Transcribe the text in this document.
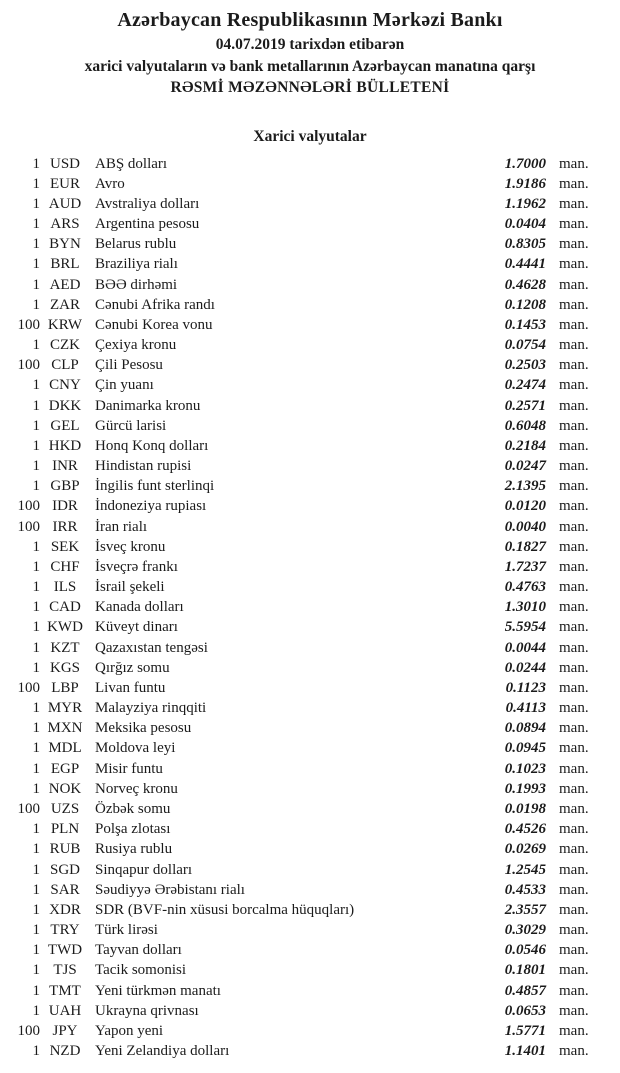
Azərbaycan Respublikasının Mərkəzi Bankı
04.07.2019 tarixdən etibarən
xarici valyutaların və bank metallarının Azərbaycan manatına qarşı
RƏSMİ MƏZƏNNƏLƏRİ BÜLLETENİ
Xarici valyutalar
1 USD	ABŞ dolları	1.7000 man.
1 EUR	Avro	1.9186 man.
1 AUD Avstraliya dolları	1.1962 man.
1 ARS	Argentina pesosu	0.0404 man.
1 BYN Belarus rublu	0.8305 man.
1 BRL	Braziliya rialı	0.4441 man.
1 AED BƏƏ dirhəmi	0.4628 man.
1 ZAR	Cənubi Afrika randı	0.1208 man.
100 KRW Cənubi Korea vonu	0.1453 man.
1 CZK	Çexiya kronu	0.0754 man.
100 CLP	Çili Pesosu	0.2503 man.
1 CNY Çin yuanı	0.2474 man.
1 DKK Danimarka kronu	0.2571 man.
1 GEL	Gürcü larisi	0.6048 man.
1 HKD Honq Konq dolları	0.2184 man.
1 INR	Hindistan rupisi	0.0247 man.
1 GBP	İngilis funt sterlinqi	2.1395 man.
100 IDR	İndoneziya rupiası	0.0120 man.
100 IRR	İran rialı	0.0040 man.
1 SEK	İsveç kronu	0.1827 man.
1 CHF	İsveçrə frankı	1.7237 man.
1 ILS	İsrail şekeli	0.4763 man.
1 CAD Kanada dolları	1.3010 man.
1 KWD Küveyt dinarı	5.5954 man.
1 KZT	Qazaxıstan tengəsi	0.0044 man.
1 KGS	Qırğız somu	0.0244 man.
100 LBP	Livan funtu	0.1123 man.
1 MYR Malayziya rinqqiti	0.4113 man.
1 MXN Meksika pesosu	0.0894 man.
1 MDL Moldova leyi	0.0945 man.
1 EGP	Misir funtu	0.1023 man.
1 NOK Norveç kronu	0.1993 man.
100 UZS	Özbək somu	0.0198 man.
1 PLN	Polşa zlotası	0.4526 man.
1 RUB Rusiya rublu	0.0269 man.
1 SGD	Sinqapur dolları	1.2545 man.
1 SAR	Səudiyyə Ərəbistanı rialı	0.4533 man.
1 XDR SDR (BVF-nin xüsusi borcalma hüquqları)	2.3557 man.
1 TRY	Türk lirəsi	0.3029 man.
1 TWD Tayvan dolları	0.0546 man.
1 TJS	Tacik somonisi	0.1801 man.
1 TMT Yeni türkmən manatı	0.4857 man.
1 UAH Ukrayna qrivnası	0.0653 man.
100 JPY	Yapon yeni	1.5771 man.
1 NZD Yeni Zelandiya dolları	1.1401 man.
